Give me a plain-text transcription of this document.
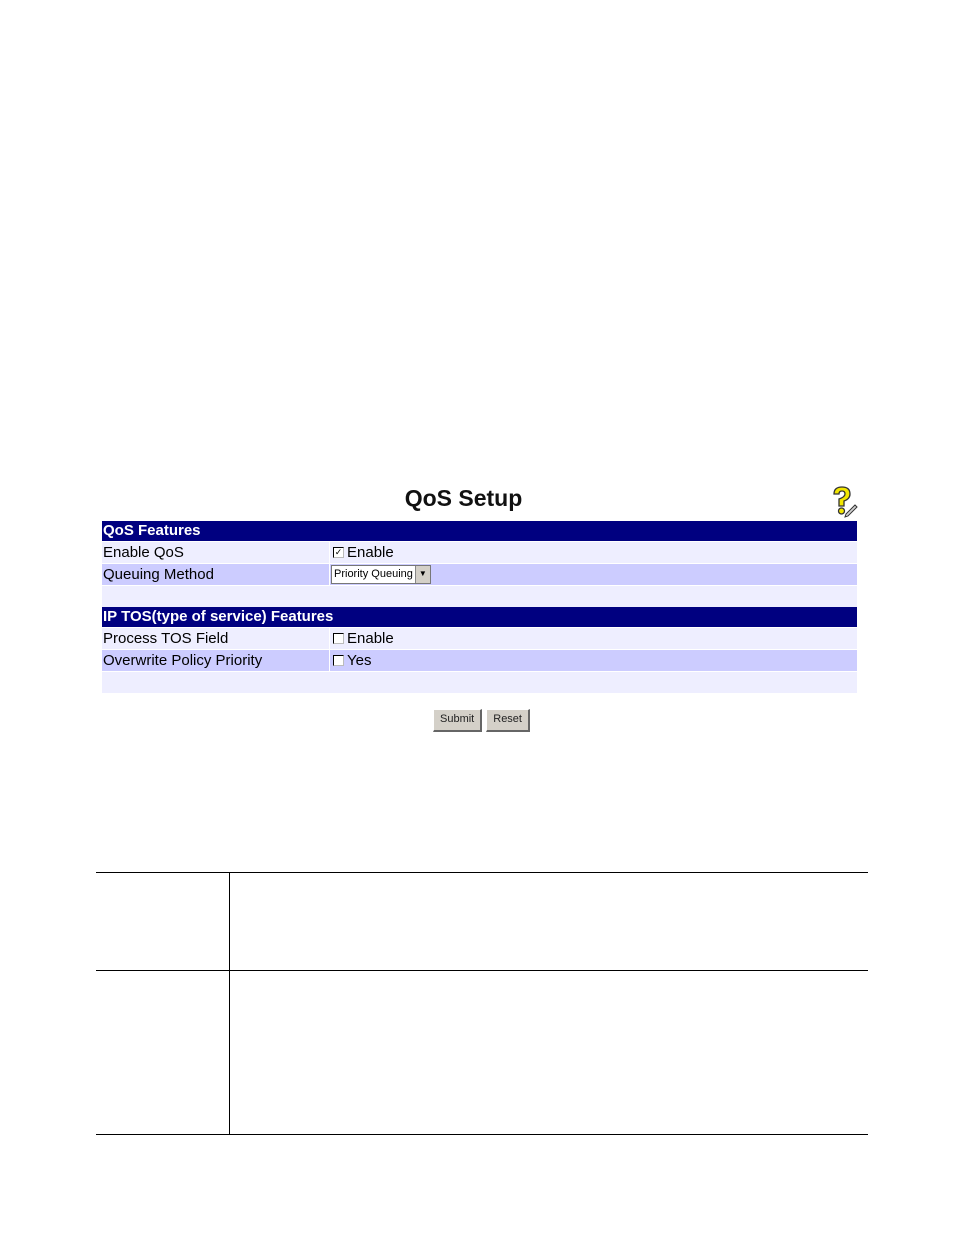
QoS Setup
QoS Features
Enable QoS	✓ Enable
Queuing Method	Priority Queuing ▼
IP TOS(type of service) Features
Process TOS Field	Enable
Overwrite Policy Priority	Yes
Submit	Reset
